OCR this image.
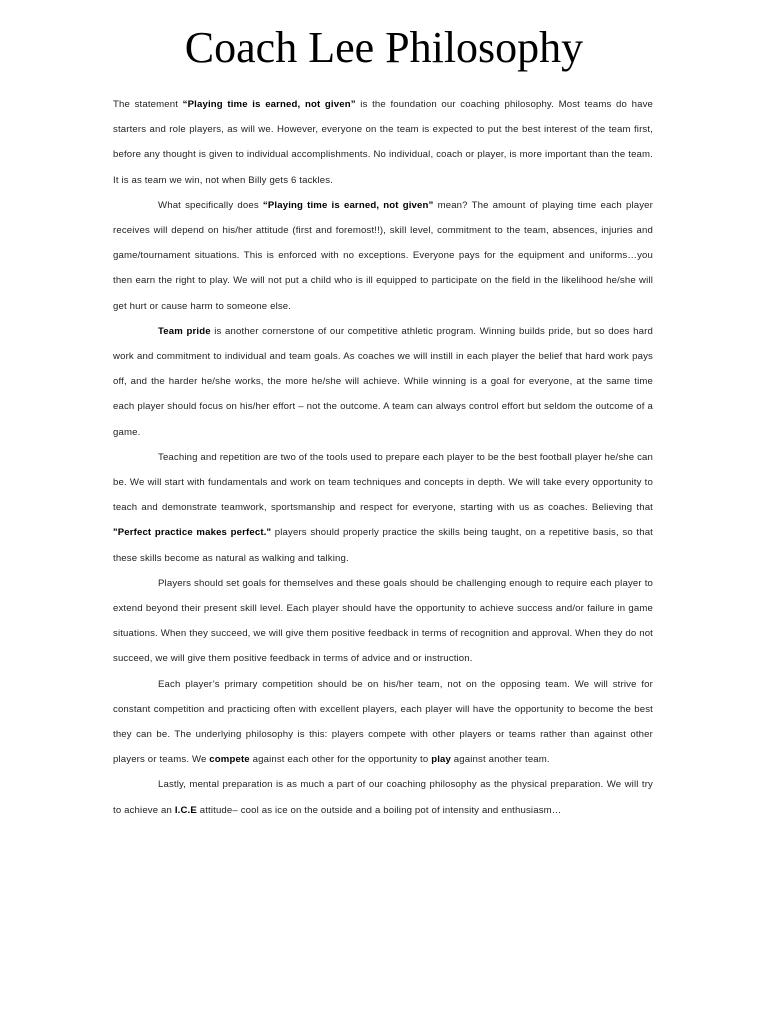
Coach Lee Philosophy

The statement “Playing time is earned, not given” is the foundation our coaching philosophy. Most teams do have starters and role players, as will we. However, everyone on the team is expected to put the best interest of the team first, before any thought is given to individual accomplishments. No individual, coach or player, is more important than the team. It is as team we win, not when Billy gets 6 tackles.

What specifically does “Playing time is earned, not given” mean? The amount of playing time each player receives will depend on his/her attitude (first and foremost!!), skill level, commitment to the team, absences, injuries and game/tournament situations. This is enforced with no exceptions. Everyone pays for the equipment and uniforms…you then earn the right to play. We will not put a child who is ill equipped to participate on the field in the likelihood he/she will get hurt or cause harm to someone else.

Team pride is another cornerstone of our competitive athletic program. Winning builds pride, but so does hard work and commitment to individual and team goals. As coaches we will instill in each player the belief that hard work pays off, and the harder he/she works, the more he/she will achieve. While winning is a goal for everyone, at the same time each player should focus on his/her effort – not the outcome. A team can always control effort but seldom the outcome of a game.

Teaching and repetition are two of the tools used to prepare each player to be the best football player he/she can be. We will start with fundamentals and work on team techniques and concepts in depth. We will take every opportunity to teach and demonstrate teamwork, sportsmanship and respect for everyone, starting with us as coaches. Believing that "Perfect practice makes perfect." players should properly practice the skills being taught, on a repetitive basis, so that these skills become as natural as walking and talking.

Players should set goals for themselves and these goals should be challenging enough to require each player to extend beyond their present skill level. Each player should have the opportunity to achieve success and/or failure in game situations. When they succeed, we will give them positive feedback in terms of recognition and approval. When they do not succeed, we will give them positive feedback in terms of advice and or instruction.

Each player’s primary competition should be on his/her team, not on the opposing team. We will strive for constant competition and practicing often with excellent players, each player will have the opportunity to become the best they can be. The underlying philosophy is this: players compete with other players or teams rather than against other players or teams. We compete against each other for the opportunity to play against another team.

Lastly, mental preparation is as much a part of our coaching philosophy as the physical preparation. We will try to achieve an I.C.E attitude– cool as ice on the outside and a boiling pot of intensity and enthusiasm…
